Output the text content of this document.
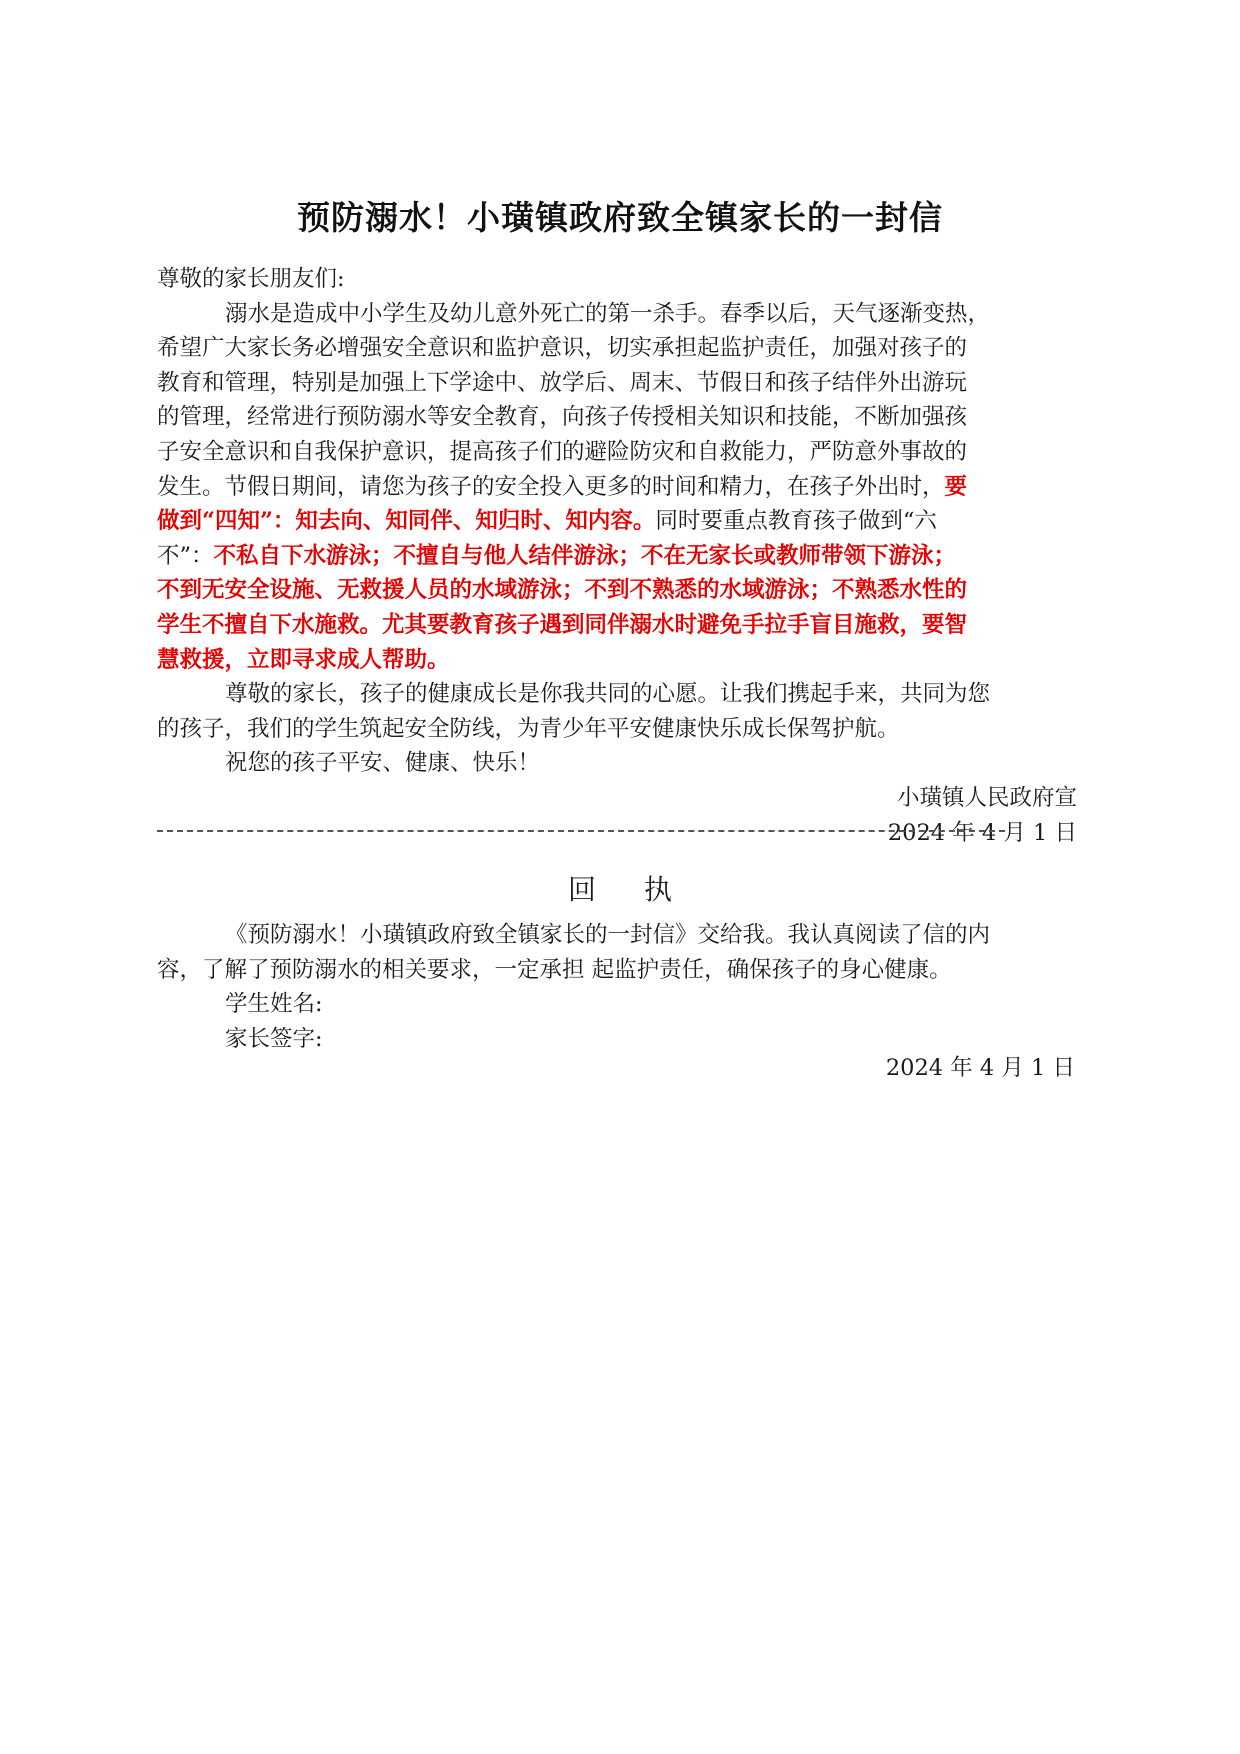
预防溺水！小璜镇政府致全镇家长的一封信
尊敬的家长朋友们:
溺水是造成中小学生及幼儿意外死亡的第一杀手。春季以后，天气逐渐变热，
希望广大家长务必增强安全意识和监护意识，切实承担起监护责任，加强对孩子的
教育和管理，特别是加强上下学途中、放学后、周末、节假日和孩子结伴外出游玩
的管理，经常进行预防溺水等安全教育，向孩子传授相关知识和技能，不断加强孩
子安全意识和自我保护意识，提高孩子们的避险防灾和自救能力，严防意外事故的
发生。节假日期间，请您为孩子的安全投入更多的时间和精力，在孩子外出时，要
做到“四知”：知去向、知同伴、知归时、知内容。同时要重点教育孩子做到“六
不”：不私自下水游泳；不擅自与他人结伴游泳；不在无家长或教师带领下游泳；
不到无安全设施、无救援人员的水域游泳；不到不熟悉的水域游泳；不熟悉水性的
学生不擅自下水施救。尤其要教育孩子遇到同伴溺水时避免手拉手盲目施救，要智
慧救援，立即寻求成人帮助。
尊敬的家长，孩子的健康成长是你我共同的心愿。让我们携起手来，共同为您
的孩子，我们的学生筑起安全防线，为青少年平安健康快乐成长保驾护航。
祝您的孩子平安、健康、快乐！
小璜镇人民政府宣
2024 年 4 月 1 日
回执
《预防溺水！小璜镇政府致全镇家长的一封信》交给我。我认真阅读了信的内
容，了解了预防溺水的相关要求，一定承担 起监护责任，确保孩子的身心健康。
学生姓名:
家长签字:
2024 年 4 月 1 日
